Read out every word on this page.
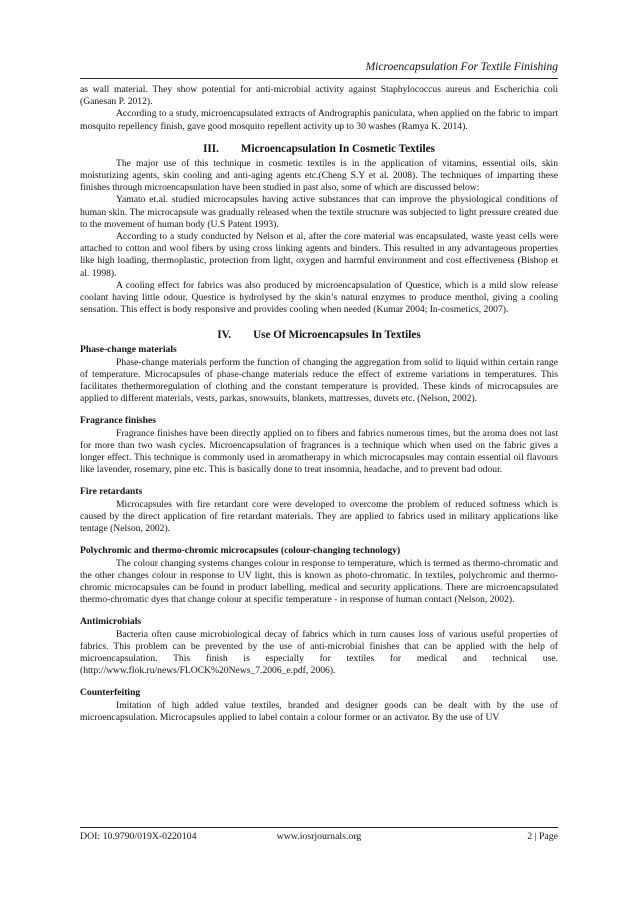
Microencapsulation For Textile Finishing

as wall material. They show potential for anti-microbial activity against Staphylococcus aureus and Escherichia coli (Ganesan P. 2012).

According to a study, microencapsulated extracts of Andrographis paniculata, when applied on the fabric to impart mosquito repellency finish, gave good mosquito repellent activity up to 30 washes (Ramya K. 2014).

III. Microencapsulation In Cosmetic Textiles

The major use of this technique in cosmetic textiles is in the application of vitamins, essential oils, skin moisturizing agents, skin cooling and anti-aging agents etc.(Cheng S.Y et al. 2008). The techniques of imparting these finishes through microencapsulation have been studied in past also, some of which are discussed below:

Yamato et.al. studied microcapsules having active substances that can improve the physiological conditions of human skin. The microcapsule was gradually released when the textile structure was subjected to light pressure created due to the movement of human body (U.S Patent 1993).

According to a study conducted by Nelson et al, after the core material was encapsulated, waste yeast cells were attached to cotton and wool fibers by using cross linking agents and binders. This resulted in any advantageous properties like high loading, thermoplastic, protection from light, oxygen and harmful environment and cost effectiveness (Bishop et al. 1998).

A cooling effect for fabrics was also produced by microencapsulation of Questice, which is a mild slow release coolant having little odour. Questice is hydrolysed by the skin’s natural enzymes to produce menthol, giving a cooling sensation. This effect is body responsive and provides cooling when needed (Kumar 2004; In-cosmetics, 2007).

IV. Use Of Microencapsules In Textiles

Phase-change materials

Phase-change materials perform the function of changing the aggregation from solid to liquid within certain range of temperature. Microcapsules of phase-change materials reduce the effect of extreme variations in temperatures. This facilitates thethermoregulation of clothing and the constant temperature is provided. These kinds of microcapsules are applied to different materials, vests, parkas, snowsuits, blankets, mattresses, duvets etc. (Nelson, 2002).

Fragrance finishes

Fragrance finishes have been directly applied on to fibers and fabrics numerous times, but the aroma does not last for more than two wash cycles. Microencapsulation of fragrances is a technique which when used on the fabric gives a longer effect. This technique is commonly used in aromatherapy in which microcapsules may contain essential oil flavours like lavender, rosemary, pine etc. This is basically done to treat insomnia, headache, and to prevent bad odour.

Fire retardants

Microcapsules with fire retardant core were developed to overcome the problem of reduced softness which is caused by the direct application of fire retardant materials. They are applied to fabrics used in military applications like tentage (Nelson, 2002).

Polychromic and thermo-chromic microcapsules (colour-changing technology)

The colour changing systems changes colour in response to temperature, which is termed as thermo-chromatic and the other changes colour in response to UV light, this is known as photo-chromatic. In textiles, polychromic and thermo-chromic microcapsules can be found in product labelling, medical and security applications. There are microencapsulated thermo-chromatic dyes that change colour at specific temperature - in response of human contact (Nelson, 2002).

Antimicrobials

Bacteria often cause microbiological decay of fabrics which in turn causes loss of various useful properties of fabrics. This problem can be prevented by the use of anti-microbial finishes that can be applied with the help of microencapsulation. This finish is especially for textiles for medical and technical use. (http://www.flok.ru/news/FLOCK%20News_7.2006_e.pdf, 2006).

Counterfeiting

Imitation of high added value textiles, branded and designer goods can be dealt with by the use of microencapsulation. Microcapsules applied to label contain a colour former or an activator. By the use of UV

DOI: 10.9790/019X-0220104	www.iosrjournals.org	2 | Page
